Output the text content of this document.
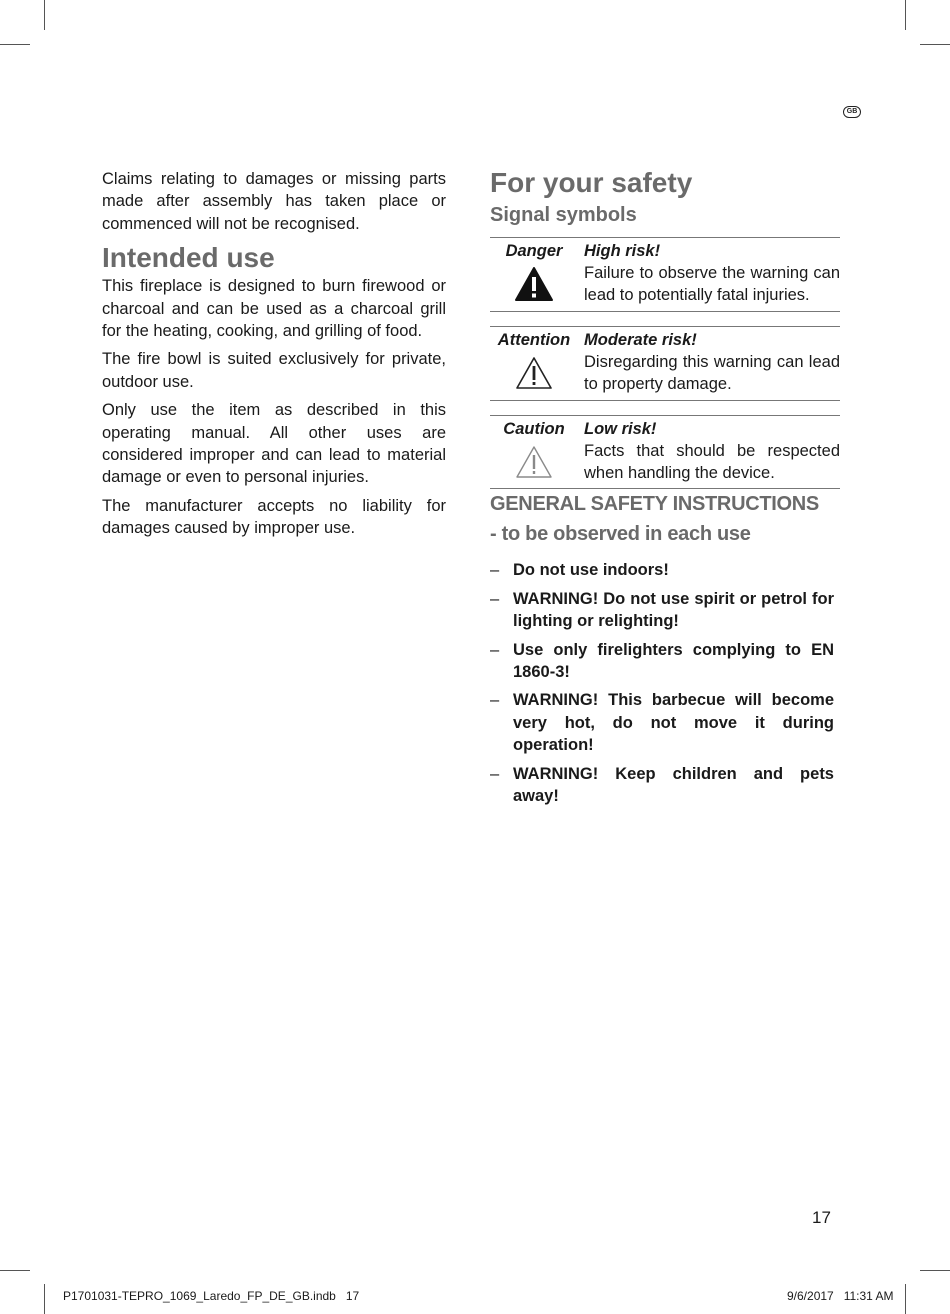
GB

Claims relating to damages or missing parts made after assembly has taken place or commenced will not be recognised.

Intended use

This fireplace is designed to burn firewood or charcoal and can be used as a charcoal grill for the heating, cooking, and grilling of food.

The fire bowl is suited exclusively for private, outdoor use.

Only use the item as described in this operating manual. All other uses are considered improper and can lead to material damage or even to personal injuries.

The manufacturer accepts no liability for damages caused by improper use.

For your safety
Signal symbols
Danger	High risk!

Failure to observe the warning can lead to potentially fatal injuries.

Attention Moderate risk!

Disregarding this warning can lead to property damage.

Caution	Low risk!

Facts that should be respected when handling the device.

GENERAL SAFETY INSTRUCTIONS
- to be observed in each use
– Do not use indoors!
– WARNING! Do not use spirit or petrol for lighting or relighting!
– Use only firelighters complying to EN 1860-3!
– WARNING! This barbecue will become very hot, do not move it during operation!
– WARNING! Keep children and pets away!
17
P1701031-TEPRO_1069_Laredo_FP_DE_GB.indb   17	9/6/2017   11:31 AM
